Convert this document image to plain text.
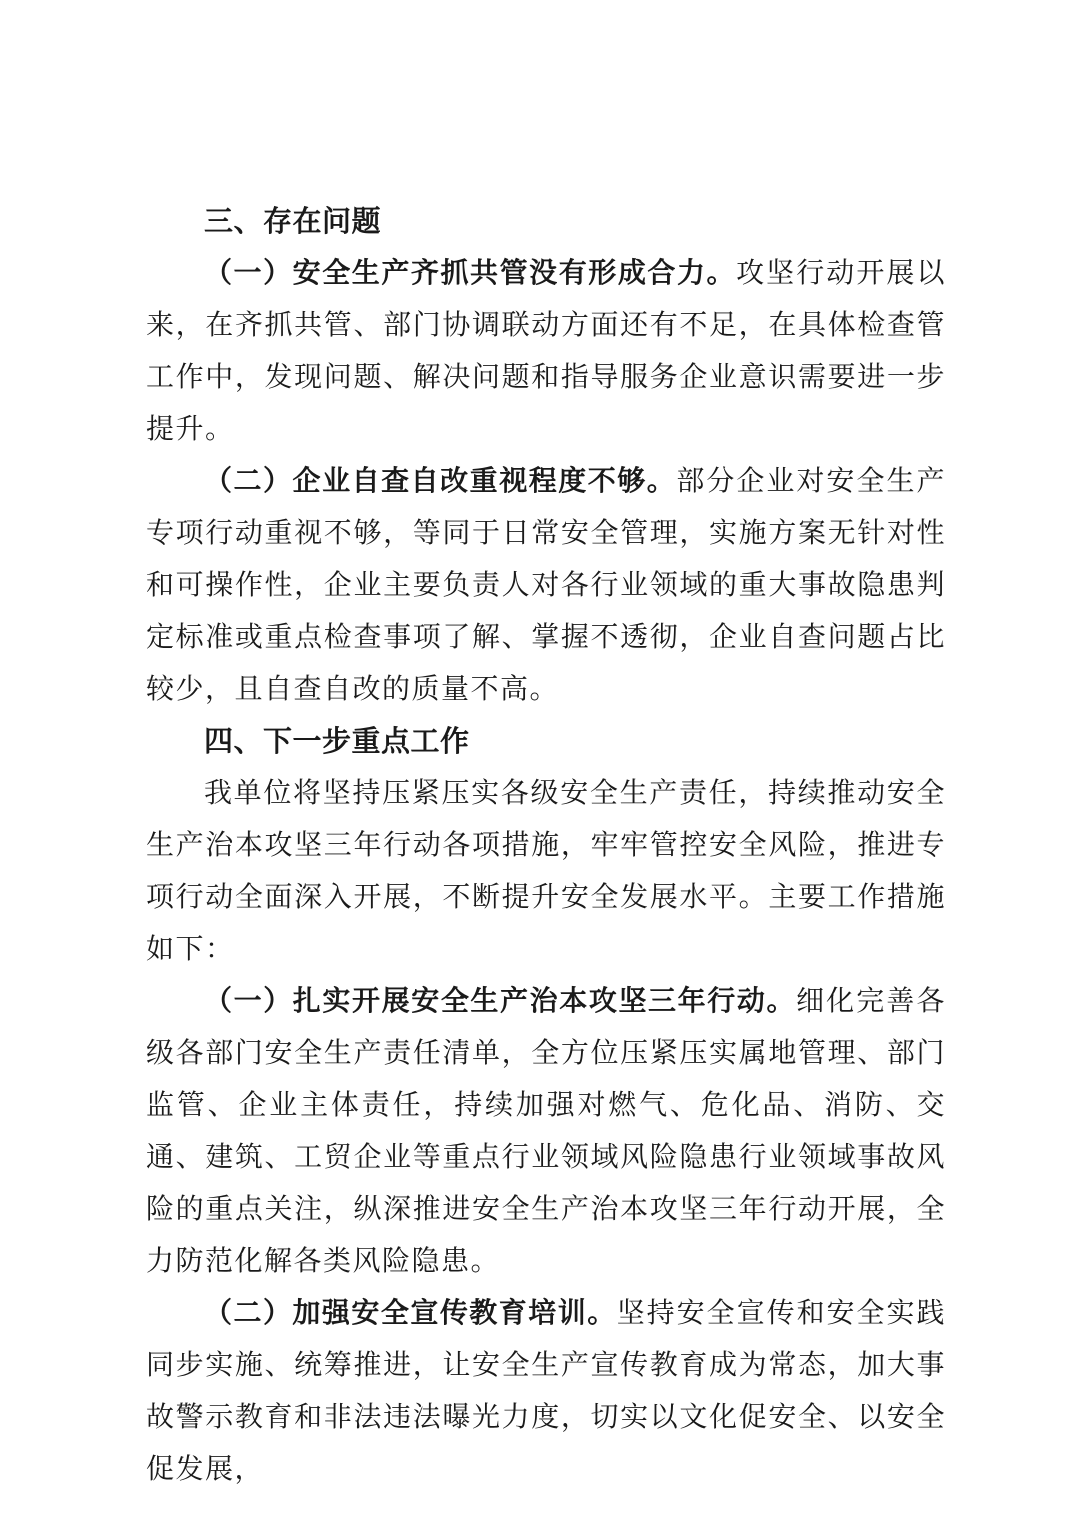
三、存在问题

（一）安全生产齐抓共管没有形成合力。攻坚行动开展以来，在齐抓共管、部门协调联动方面还有不足，在具体检查管工作中，发现问题、解决问题和指导服务企业意识需要进一步提升。

（二）企业自查自改重视程度不够。部分企业对安全生产专项行动重视不够，等同于日常安全管理，实施方案无针对性和可操作性，企业主要负责人对各行业领域的重大事故隐患判定标准或重点检查事项了解、掌握不透彻，企业自查问题占比较少，且自查自改的质量不高。

四、下一步重点工作

我单位将坚持压紧压实各级安全生产责任，持续推动安全生产治本攻坚三年行动各项措施，牢牢管控安全风险，推进专项行动全面深入开展，不断提升安全发展水平。主要工作措施如下：

（一）扎实开展安全生产治本攻坚三年行动。细化完善各级各部门安全生产责任清单，全方位压紧压实属地管理、部门监管、企业主体责任，持续加强对燃气、危化品、消防、交通、建筑、工贸企业等重点行业领域风险隐患行业领域事故风险的重点关注，纵深推进安全生产治本攻坚三年行动开展，全力防范化解各类风险隐患。

（二）加强安全宣传教育培训。坚持安全宣传和安全实践同步实施、统筹推进，让安全生产宣传教育成为常态，加大事故警示教育和非法违法曝光力度，切实以文化促安全、以安全促发展，
